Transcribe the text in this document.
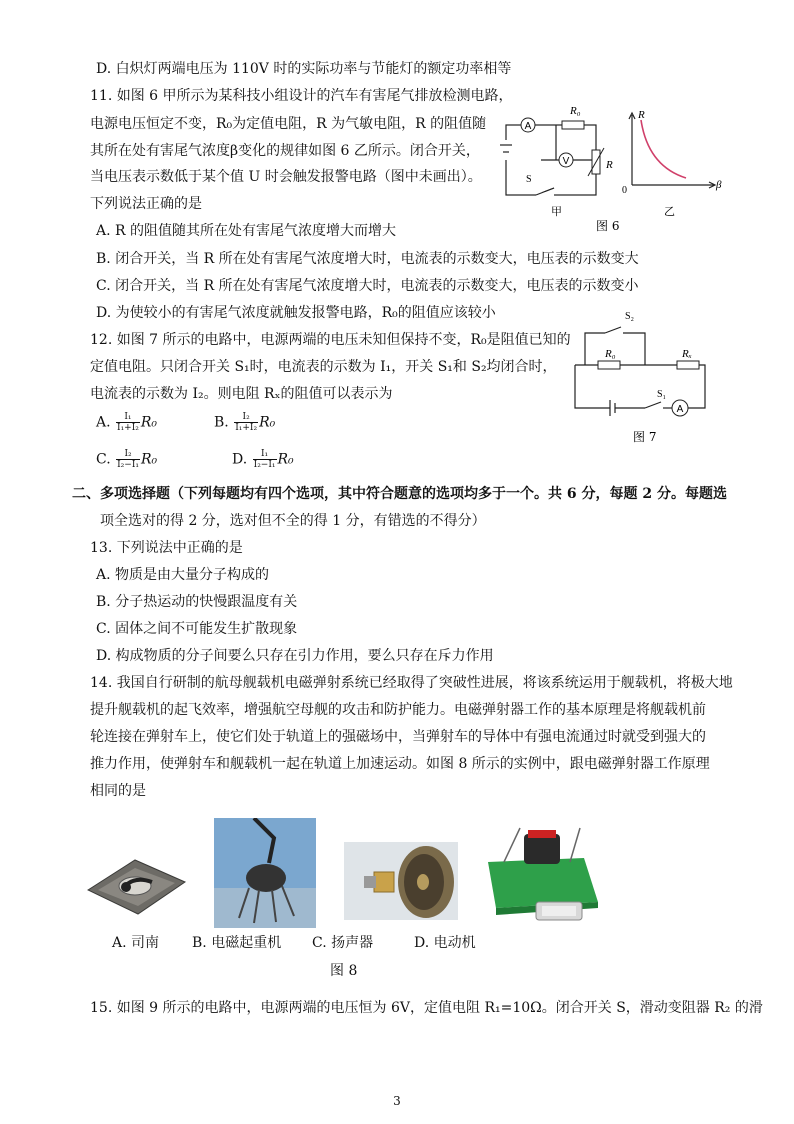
D. 白炽灯两端电压为 110V 时的实际功率与节能灯的额定功率相等
11. 如图 6 甲所示为某科技小组设计的汽车有害尾气排放检测电路，
电源电压恒定不变，R₀为定值电阻，R 为气敏电阻，R 的阻值随
其所在处有害尾气浓度β变化的规律如图 6 乙所示。闭合开关，
当电压表示数低于某个值 U 时会触发报警电路（图中未画出）。
下列说法正确的是
A. R 的阻值随其所在处有害尾气浓度增大而增大
B. 闭合开关，当 R 所在处有害尾气浓度增大时，电流表的示数变大，电压表的示数变大
C. 闭合开关，当 R 所在处有害尾气浓度增大时，电流表的示数变大，电压表的示数变小
D. 为使较小的有害尾气浓度就触发报警电路，R₀的阻值应该较小
12. 如图 7 所示的电路中，电源两端的电压未知但保持不变，R₀是阻值已知的
定值电阻。只闭合开关 S₁时，电流表的示数为 I₁，开关 S₁和 S₂均闭合时，
电流表的示数为 I₂。则电阻 Rₓ的阻值可以表示为
A. $\frac{\text{I₁}}{\text{I₁+I₂}} R_0$	B. $\frac{\text{I₂}}{\text{I₁+I₂}} R_0$
C. $\frac{\text{I₂}}{\text{I₂−I₁}} R_0$	D. $\frac{\text{I₁}}{\text{I₂−I₁}} R_0$
二、多项选择题（下列每题均有四个选项，其中符合题意的选项均多于一个。共 6 分，每题 2 分。每题选
项全选对的得 2 分，选对但不全的得 1 分，有错选的不得分）
13. 下列说法中正确的是
A. 物质是由大量分子构成的
B. 分子热运动的快慢跟温度有关
C. 固体之间不可能发生扩散现象
D. 构成物质的分子间要么只存在引力作用，要么只存在斥力作用
14. 我国自行研制的航母舰载机电磁弹射系统已经取得了突破性进展，将该系统运用于舰载机，将极大地
提升舰载机的起飞效率，增强航空母舰的攻击和防护能力。电磁弹射器工作的基本原理是将舰载机前
轮连接在弹射车上，使它们处于轨道上的强磁场中，当弹射车的导体中有强电流通过时就受到强大的
推力作用，使弹射车和舰载机一起在轨道上加速运动。如图 8 所示的实例中，跟电磁弹射器工作原理
相同的是
A
R₀
V	R
S
甲
R
β
0
乙
图 6
A
S₂
R₀	Rₓ
S₁
图 7
A. 司南 B. 电磁起重机 C. 扬声器	D. 电动机
图 8
15. 如图 9 所示的电路中，电源两端的电压恒为 6V，定值电阻 R₁=10Ω。闭合开关 S，滑动变阻器 R₂ 的滑
3
